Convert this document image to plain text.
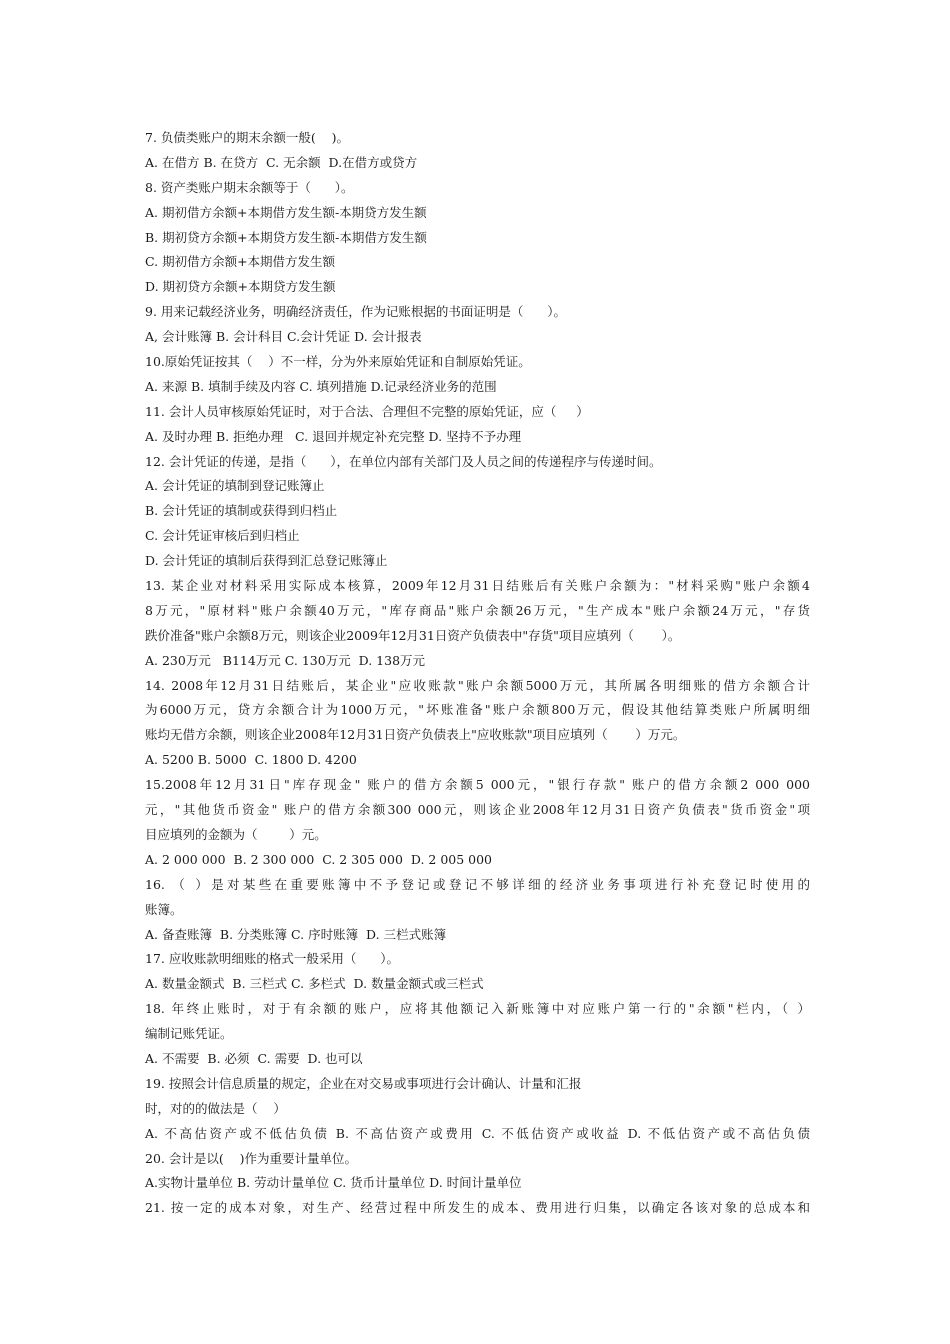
7. 负债类账户的期末余额一般(    )。
A. 在借方 B. 在贷方  C. 无余额  D.在借方或贷方
8. 资产类账户期末余额等于（      ）。
A. 期初借方余额+本期借方发生额-本期贷方发生额
B. 期初贷方余额+本期贷方发生额-本期借方发生额
C. 期初借方余额+本期借方发生额
D. 期初贷方余额+本期贷方发生额
9. 用来记载经济业务，明确经济责任，作为记账根据的书面证明是（      ）。
A, 会计账簿 B. 会计科目 C.会计凭证 D. 会计报表
10.原始凭证按其（    ）不一样，分为外来原始凭证和自制原始凭证。
A. 来源 B. 填制手续及内容 C. 填列措施 D.记录经济业务的范围
11. 会计人员审核原始凭证时，对于合法、合理但不完整的原始凭证，应（     ）
A. 及时办理 B. 拒绝办理   C. 退回并规定补充完整 D. 坚持不予办理
12. 会计凭证的传递，是指（      ），在单位内部有关部门及人员之间的传递程序与传递时间。
A. 会计凭证的填制到登记账簿止
B. 会计凭证的填制或获得到归档止
C. 会计凭证审核后到归档止
D. 会计凭证的填制后获得到汇总登记账簿止
13. 某企业对材料采用实际成本核算，2009年12月31日结账后有关账户余额为："材料采购"账户余额4
8万元，"原材料"账户余额40万元，"库存商品"账户余额26万元，"生产成本"账户余额24万元，"存货
跌价准备"账户余额8万元，则该企业2009年12月31日资产负债表中"存货"项目应填列（       ）。
A. 230万元   B114万元 C. 130万元  D. 138万元
14. 2008年12月31日结账后，某企业"应收账款"账户余额5000万元，其所属各明细账的借方余额合计
为6000万元，贷方余额合计为1000万元，"坏账准备"账户余额800万元，假设其他结算类账户所属明细
账均无借方余额，则该企业2008年12月31日资产负债表上"应收账款"项目应填列（       ）万元。
A. 5200 B. 5000  C. 1800 D. 4200
15.2008年12月31日"库存现金" 账户的借方余额5 000元，"银行存款" 账户的借方余额2 000 000
元，"其他货币资金" 账户的借方余额300 000元，则该企业2008年12月31日资产负债表"货币资金"项
目应填列的金额为（        ）元。
A. 2 000 000  B. 2 300 000  C. 2 305 000  D. 2 005 000
16. （ ）是对某些在重要账簿中不予登记或登记不够详细的经济业务事项进行补充登记时使用的
账簿。
A. 备查账簿  B. 分类账簿 C. 序时账簿  D. 三栏式账簿
17. 应收账款明细账的格式一般采用（      ）。
A. 数量金额式  B. 三栏式 C. 多栏式  D. 数量金额式或三栏式
18. 年终止账时，对于有余额的账户，应将其他额记入新账簿中对应账户第一行的"余额"栏内，（ ）
编制记账凭证。
A. 不需要  B. 必须  C. 需要  D. 也可以
19. 按照会计信息质量的规定，企业在对交易或事项进行会计确认、计量和汇报
时，对的的做法是（    ）
A. 不高估资产或不低估负债 B. 不高估资产或费用 C. 不低估资产或收益 D. 不低估资产或不高估负债
20. 会计是以(    )作为重要计量单位。
A.实物计量单位 B. 劳动计量单位 C. 货币计量单位 D. 时间计量单位
21. 按一定的成本对象，对生产、经营过程中所发生的成本、费用进行归集，以确定各该对象的总成本和
